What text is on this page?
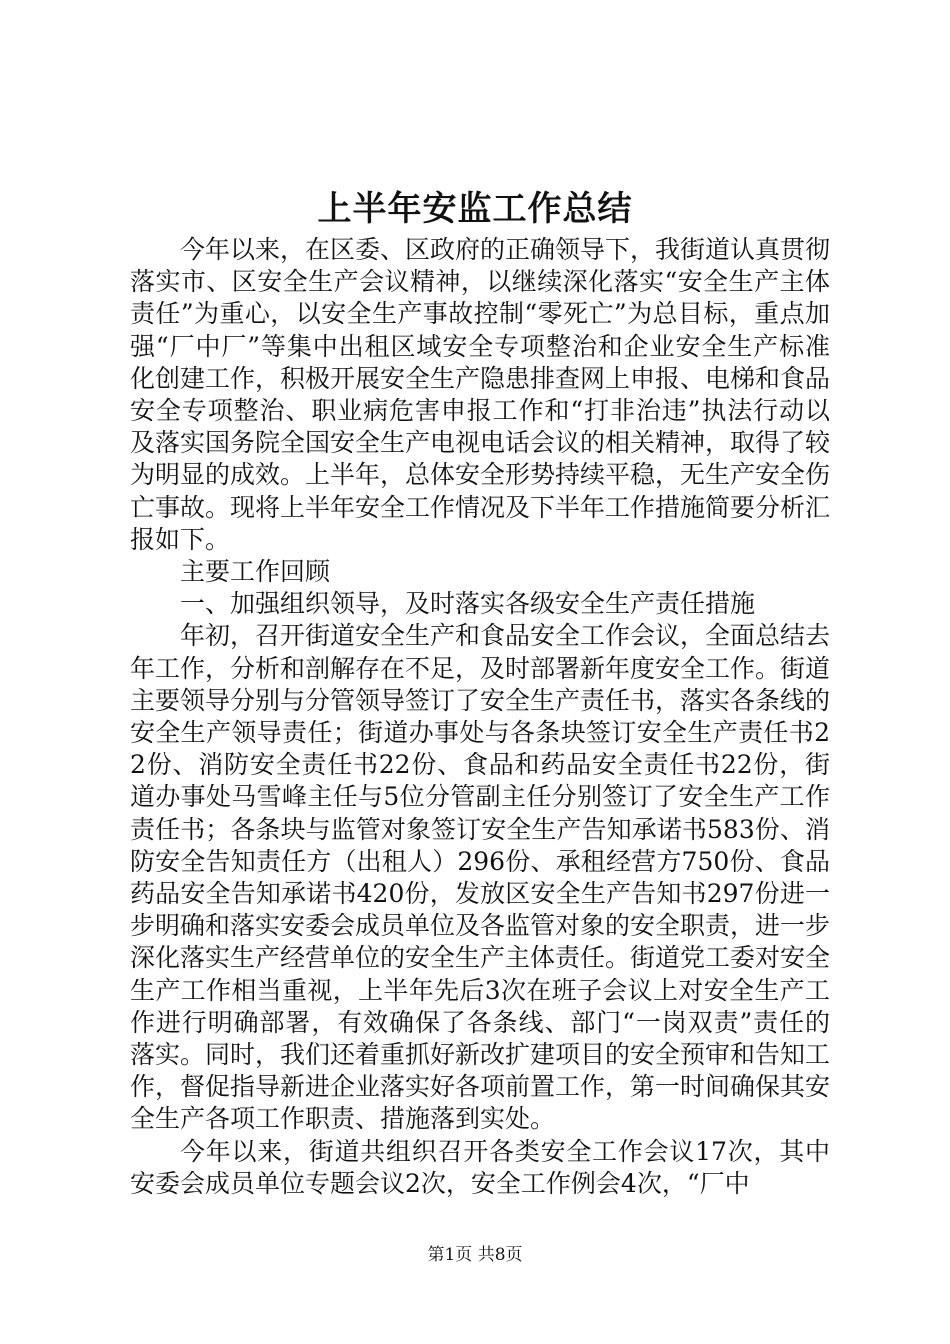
上半年安监工作总结

今年以来，在区委、区政府的正确领导下，我街道认真贯彻落实市、区安全生产会议精神，以继续深化落实“安全生产主体责任”为重心，以安全生产事故控制“零死亡”为总目标，重点加强“厂中厂”等集中出租区域安全专项整治和企业安全生产标准化创建工作，积极开展安全生产隐患排查网上申报、电梯和食品安全专项整治、职业病危害申报工作和“打非治违”执法行动以及落实国务院全国安全生产电视电话会议的相关精神，取得了较为明显的成效。上半年，总体安全形势持续平稳，无生产安全伤亡事故。现将上半年安全工作情况及下半年工作措施简要分析汇报如下。

主要工作回顾

一、加强组织领导，及时落实各级安全生产责任措施

年初，召开街道安全生产和食品安全工作会议，全面总结去年工作，分析和剖解存在不足，及时部署新年度安全工作。街道主要领导分别与分管领导签订了安全生产责任书，落实各条线的安全生产领导责任；街道办事处与各条块签订安全生产责任书22份、消防安全责任书22份、食品和药品安全责任书22份，街道办事处马雪峰主任与5位分管副主任分别签订了安全生产工作责任书；各条块与监管对象签订安全生产告知承诺书583份、消防安全告知责任方（出租人）296份、承租经营方750份、食品药品安全告知承诺书420份，发放区安全生产告知书297份进一步明确和落实安委会成员单位及各监管对象的安全职责，进一步深化落实生产经营单位的安全生产主体责任。街道党工委对安全生产工作相当重视，上半年先后3次在班子会议上对安全生产工作进行明确部署，有效确保了各条线、部门“一岗双责”责任的落实。同时，我们还着重抓好新改扩建项目的安全预审和告知工作，督促指导新进企业落实好各项前置工作，第一时间确保其安全生产各项工作职责、措施落到实处。

今年以来，街道共组织召开各类安全工作会议17次，其中安委会成员单位专题会议2次，安全工作例会4次，“厂中

第1页 共8页
